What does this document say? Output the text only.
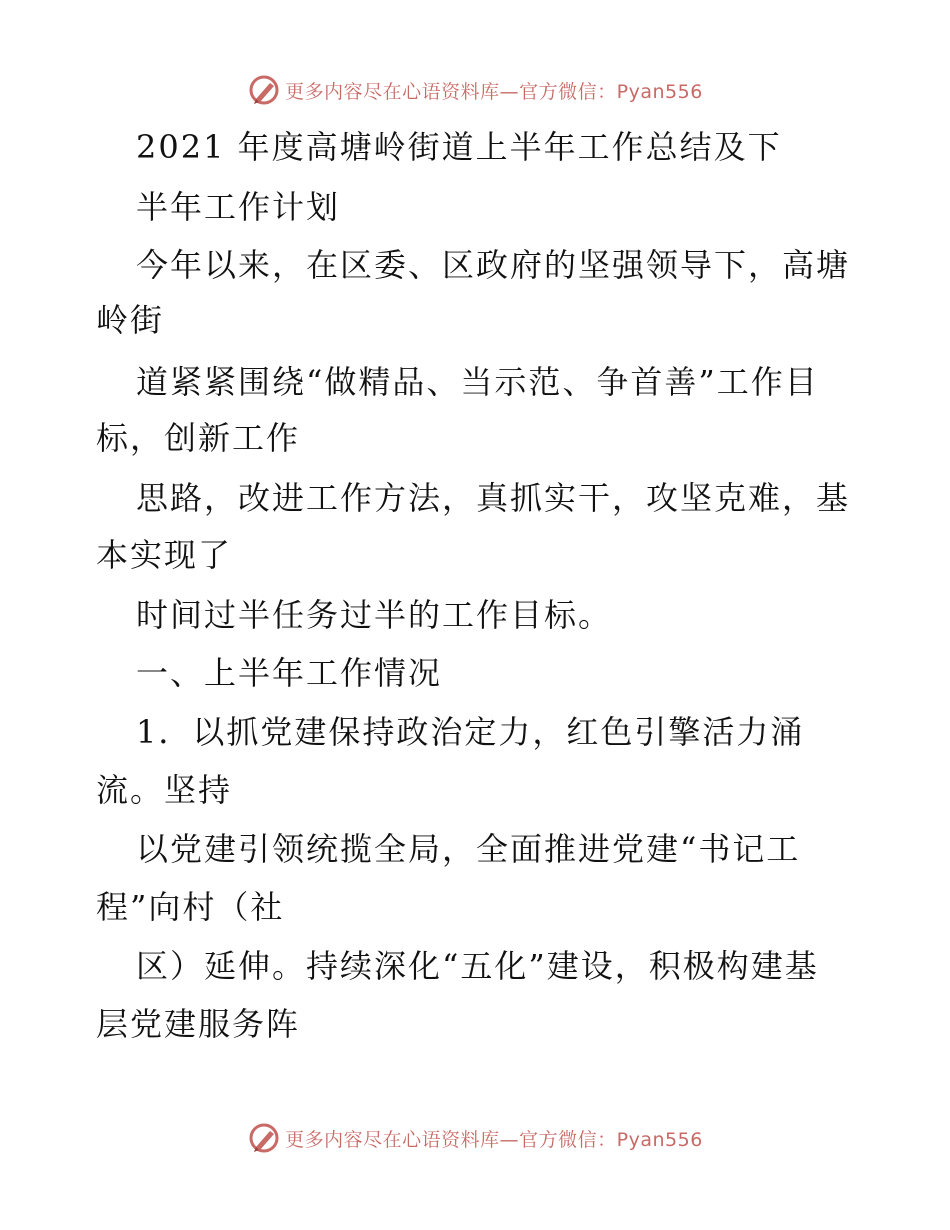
更多内容尽在心语资料库—官方微信：Pyan556
2021 年度高塘岭街道上半年工作总结及下
半年工作计划
今年以来，在区委、区政府的坚强领导下，高塘
岭街
道紧紧围绕“做精品、当示范、争首善”工作目
标，创新工作
思路，改进工作方法，真抓实干，攻坚克难，基
本实现了
时间过半任务过半的工作目标。
一、上半年工作情况
1．以抓党建保持政治定力，红色引擎活力涌
流。坚持
以党建引领统揽全局，全面推进党建“书记工
程”向村（社
区）延伸。持续深化“五化”建设，积极构建基
层党建服务阵
更多内容尽在心语资料库—官方微信：Pyan556
